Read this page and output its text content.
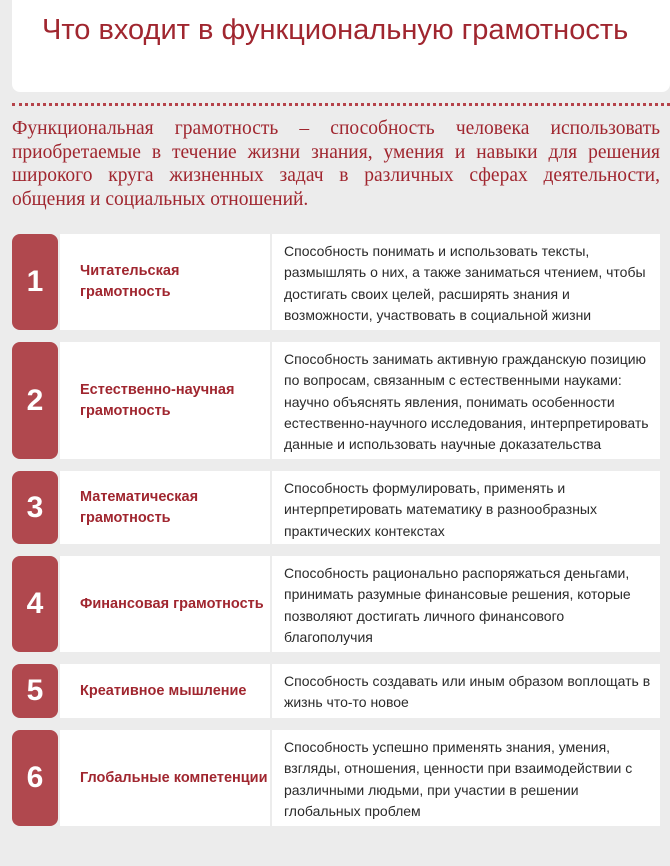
Что входит в функциональную грамотность
Функциональная грамотность – способность человека использовать приобретаемые в течение жизни знания, умения и навыки для решения широкого круга жизненных задач в различных сферах деятельности, общения и социальных отношений.
1	Читательская грамотность
Способность понимать и использовать тексты, размышлять о них, а также заниматься чтением, чтобы достигать своих целей, расширять знания и возможности, участвовать в социальной жизни
2	Естественно-научная грамотность
Способность занимать активную гражданскую позицию по вопросам, связанным с естественными науками: научно объяснять явления, понимать особенности естественно-научного исследования, интерпретировать данные и использовать научные доказательства
3	Математическая грамотность
Способность формулировать, применять и интерпретировать математику в разнообразных практических контекстах
4	Финансовая грамотность
Способность рационально распоряжаться деньгами, принимать разумные финансовые решения, которые позволяют достигать личного финансового благополучия
5	Креативное мышление
Способность создавать или иным образом воплощать в жизнь что-то новое
6	Глобальные компетенции
Способность успешно применять знания, умения, взгляды, отношения, ценности при взаимодействии с различными людьми, при участии в решении глобальных проблем
